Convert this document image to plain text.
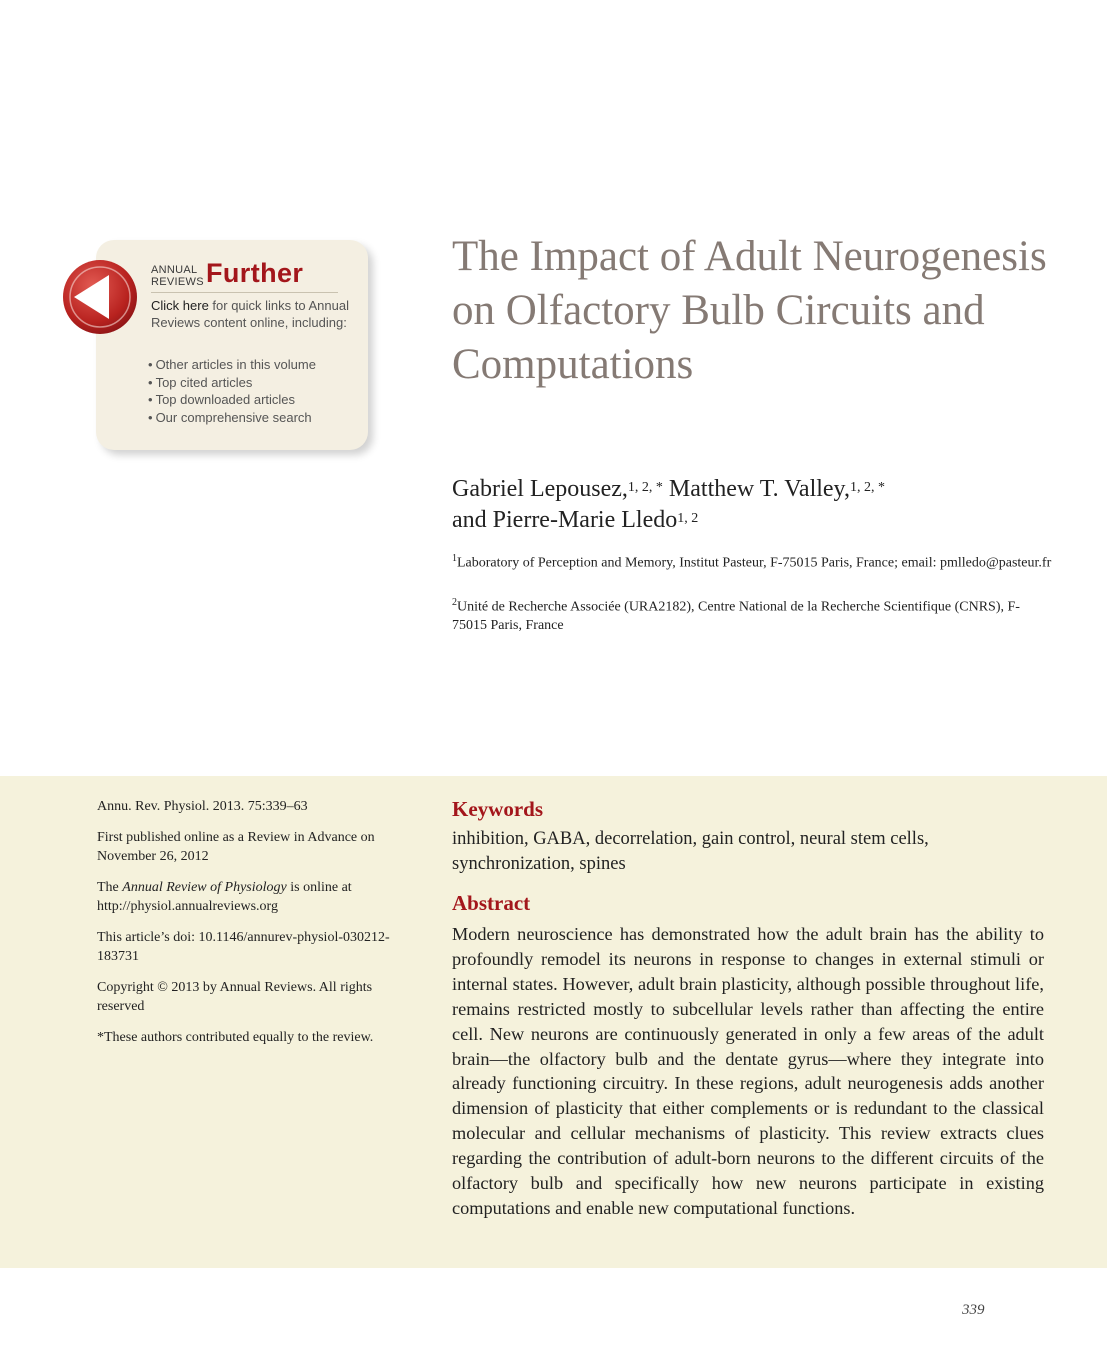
ANNUAL
REVIEWS Further
Click here for quick links to Annual Reviews content online, including:
• Other articles in this volume
• Top cited articles
• Top downloaded articles
• Our comprehensive search
The Impact of Adult Neurogenesis on Olfactory Bulb Circuits and Computations
Gabriel Lepousez,$^{1, 2, *}$ Matthew T. Valley,$^{1, 2, *}$
and Pierre-Marie Lledo$^{1, 2}$
$^1$Laboratory of Perception and Memory, Institut Pasteur, F-75015 Paris, France; email: pmlledo@pasteur.fr
$^2$Unité de Recherche Associée (URA2182), Centre National de la Recherche Scientifique (CNRS), F-75015 Paris, France

Annu. Rev. Physiol. 2013. 75:339–63

First published online as a Review in Advance on November 26, 2012

The Annual Review of Physiology is online at http://physiol.annualreviews.org

This article’s doi: 10.1146/annurev-physiol-030212-183731

Copyright © 2013 by Annual Reviews. All rights reserved

*These authors contributed equally to the review.

Keywords

inhibition, GABA, decorrelation, gain control, neural stem cells, synchronization, spines

Abstract

Modern neuroscience has demonstrated how the adult brain has the ability to profoundly remodel its neurons in response to changes in external stimuli or internal states. However, adult brain plasticity, although possible throughout life, remains restricted mostly to subcellular levels rather than affecting the entire cell. New neurons are continuously generated in only a few areas of the adult brain—the olfactory bulb and the dentate gyrus—where they integrate into already functioning circuitry. In these regions, adult neurogenesis adds another dimension of plasticity that either complements or is redundant to the classical molecular and cellular mechanisms of plasticity. This review extracts clues regarding the contribution of adult-born neurons to the different circuits of the olfactory bulb and specifically how new neurons participate in existing computations and enable new computational functions.

339
